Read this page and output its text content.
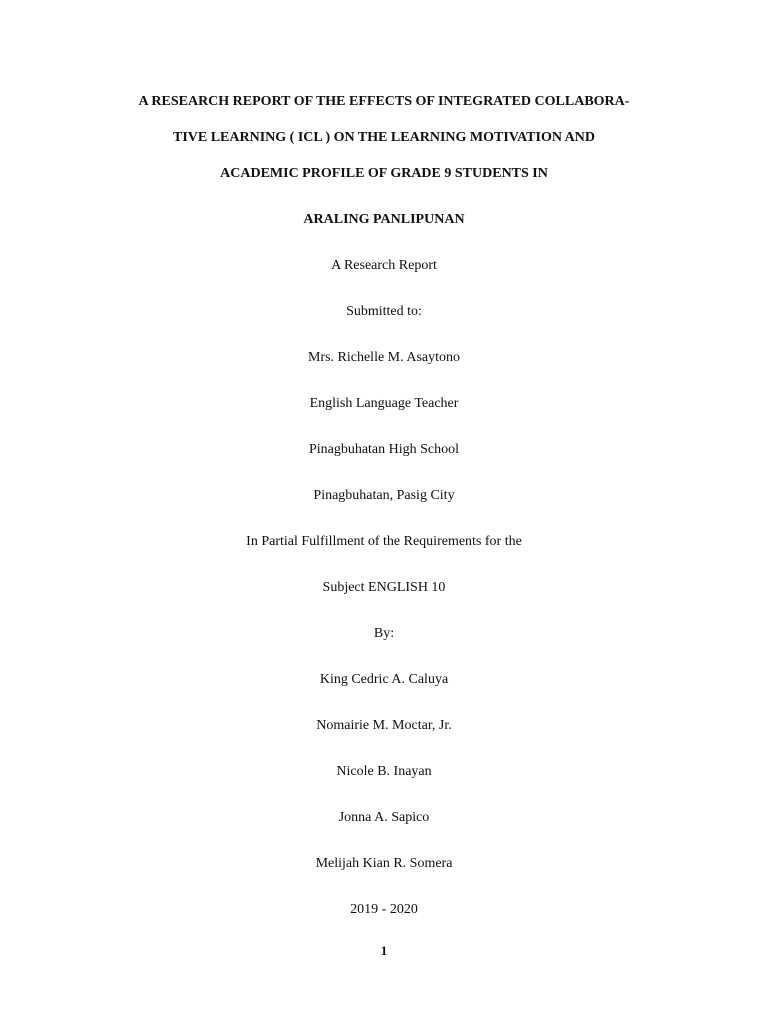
A RESEARCH REPORT OF THE EFFECTS OF INTEGRATED COLLABORA-
TIVE LEARNING ( ICL ) ON THE LEARNING MOTIVATION AND
ACADEMIC PROFILE OF GRADE 9 STUDENTS IN
ARALING PANLIPUNAN
A Research Report
Submitted to:
Mrs. Richelle M. Asaytono
English Language Teacher
Pinagbuhatan High School
Pinagbuhatan, Pasig City
In Partial Fulfillment of the Requirements for the
Subject ENGLISH 10
By:
King Cedric A. Caluya
Nomairie M. Moctar, Jr.
Nicole B. Inayan
Jonna A. Sapico
Melijah Kian R. Somera
2019 - 2020
1
